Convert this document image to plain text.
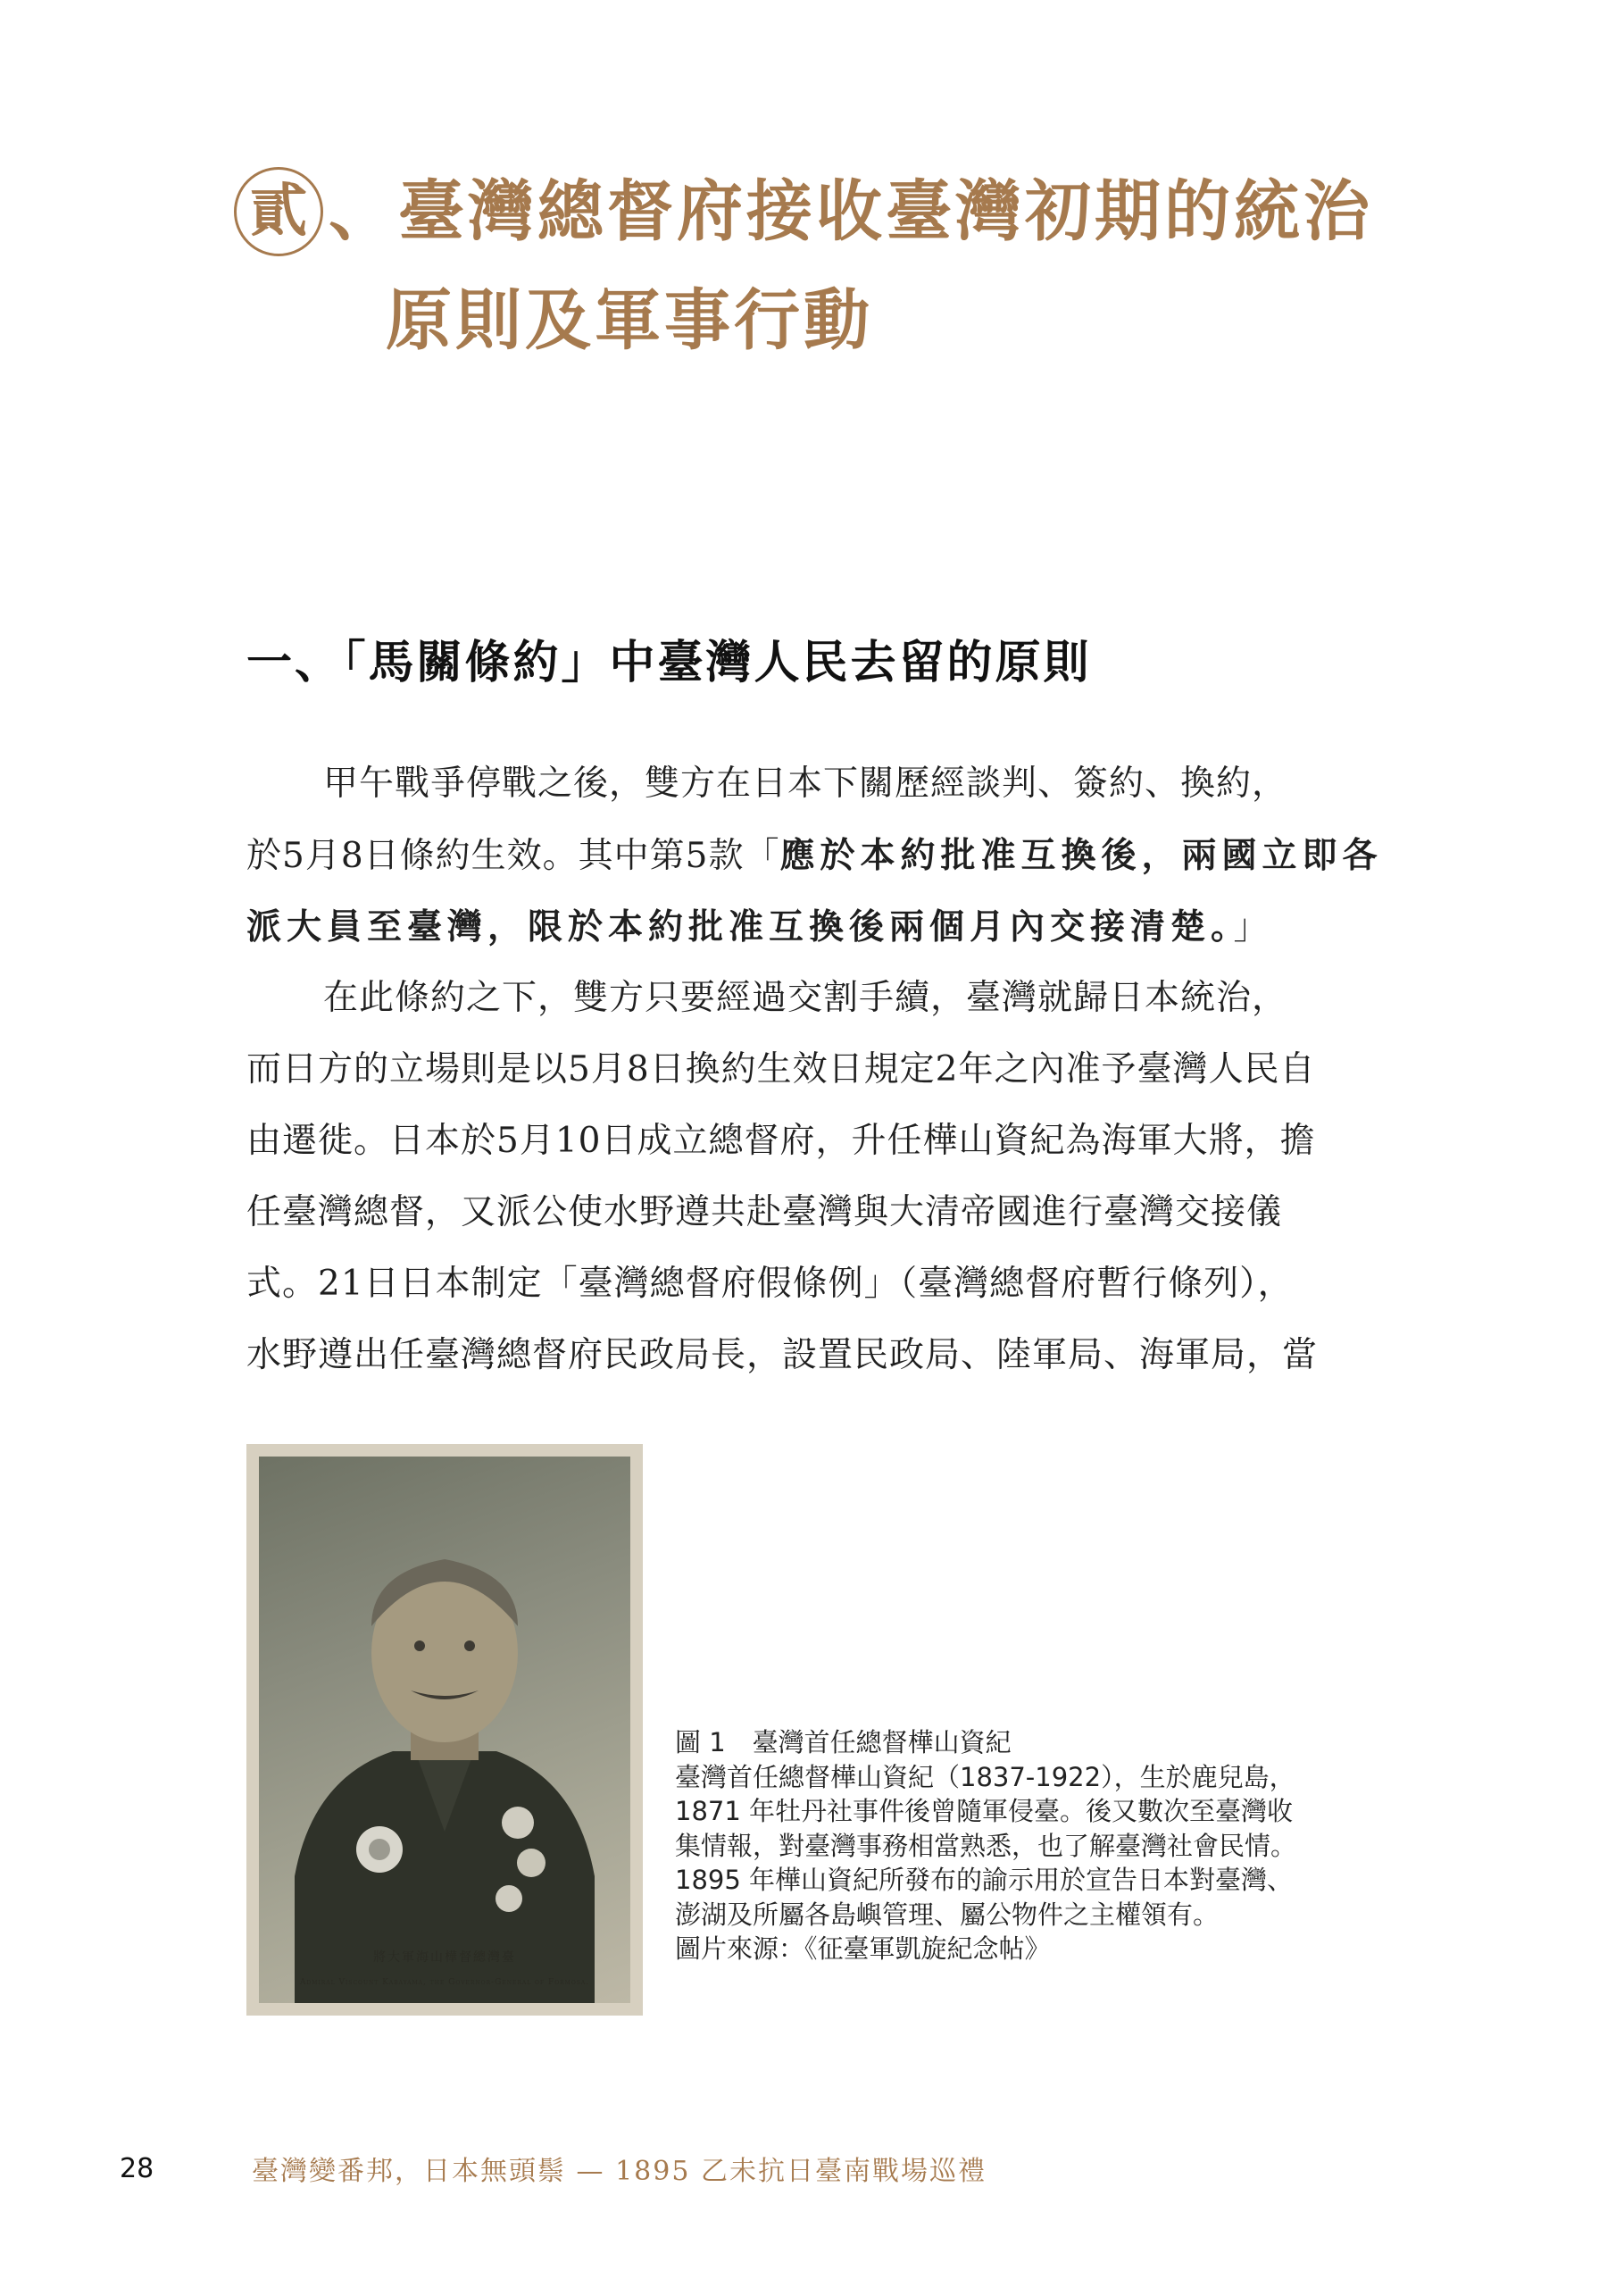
貳 、臺灣總督府接收臺灣初期的統治
原則及軍事行動
一、「馬關條約」中臺灣人民去留的原則
甲午戰爭停戰之後，雙方在日本下關歷經談判、簽約、換約，
於5月8日條約生效。其中第5款「應於本約批准互換後，兩國立即各
派大員至臺灣，限於本約批准互換後兩個月內交接清楚。」
在此條約之下，雙方只要經過交割手續，臺灣就歸日本統治，
而日方的立場則是以5月8日換約生效日規定2年之內准予臺灣人民自
由遷徙。日本於5月10日成立總督府，升任樺山資紀為海軍大將，擔
任臺灣總督，又派公使水野遵共赴臺灣與大清帝國進行臺灣交接儀
式。21日日本制定「臺灣總督府假條例」（臺灣總督府暫行條列），
水野遵出任臺灣總督府民政局長，設置民政局、陸軍局、海軍局，當
將大軍海山樺督總灣臺
Admiral Viscount Kabayama, the Governor-General of Formosa.
圖 1 臺灣首任總督樺山資紀
臺灣首任總督樺山資紀（1837-1922），生於鹿兒島，
1871 年牡丹社事件後曾隨軍侵臺。後又數次至臺灣收
集情報，對臺灣事務相當熟悉，也了解臺灣社會民情。
1895 年樺山資紀所發布的諭示用於宣告日本對臺灣、
澎湖及所屬各島嶼管理、屬公物件之主權領有。
圖片來源：《征臺軍凱旋紀念帖》
28	臺灣變番邦，日本無頭鬃 — 1895 乙未抗日臺南戰場巡禮
